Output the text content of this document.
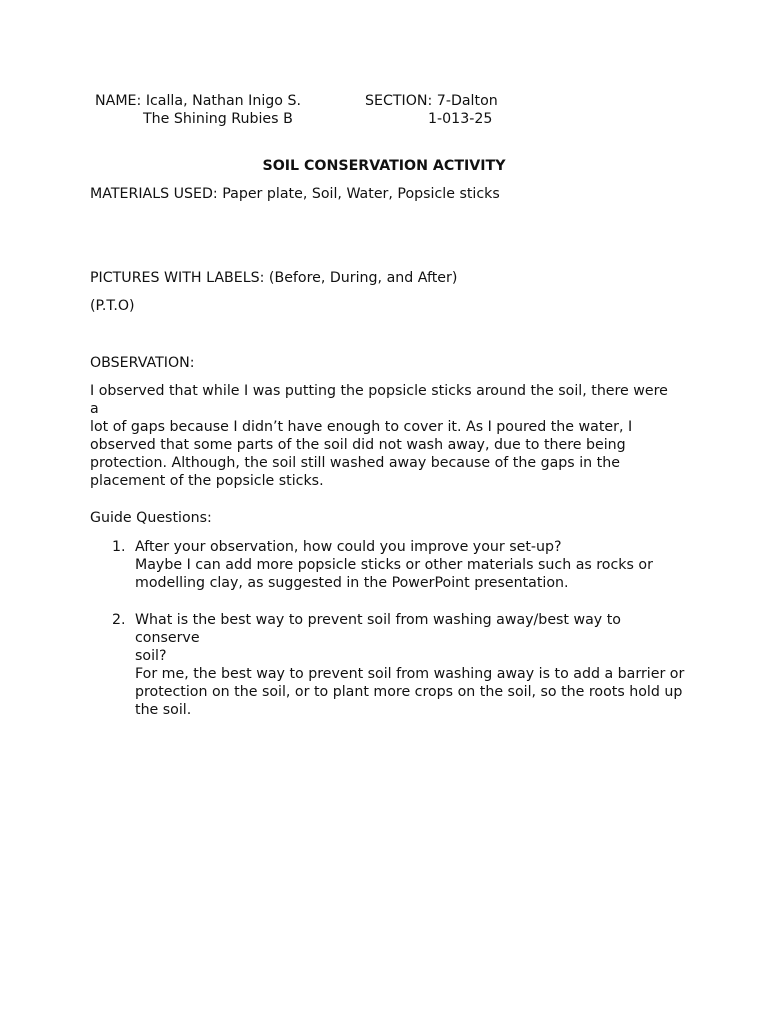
NAME: Icalla, Nathan Inigo S.	SECTION: 7-Dalton
The Shining Rubies B	1-013-25
SOIL CONSERVATION ACTIVITY
MATERIALS USED: Paper plate, Soil, Water, Popsicle sticks
PICTURES WITH LABELS: (Before, During, and After)
(P.T.O)
OBSERVATION:
I observed that while I was putting the popsicle sticks around the soil, there were a
lot of gaps because I didn’t have enough to cover it. As I poured the water, I
observed that some parts of the soil did not wash away, due to there being
protection. Although, the soil still washed away because of the gaps in the
placement of the popsicle sticks.
Guide Questions:
1. After your observation, how could you improve your set-up?
Maybe I can add more popsicle sticks or other materials such as rocks or
modelling clay, as suggested in the PowerPoint presentation.
2. What is the best way to prevent soil from washing away/best way to conserve
soil?
For me, the best way to prevent soil from washing away is to add a barrier or
protection on the soil, or to plant more crops on the soil, so the roots hold up
the soil.
